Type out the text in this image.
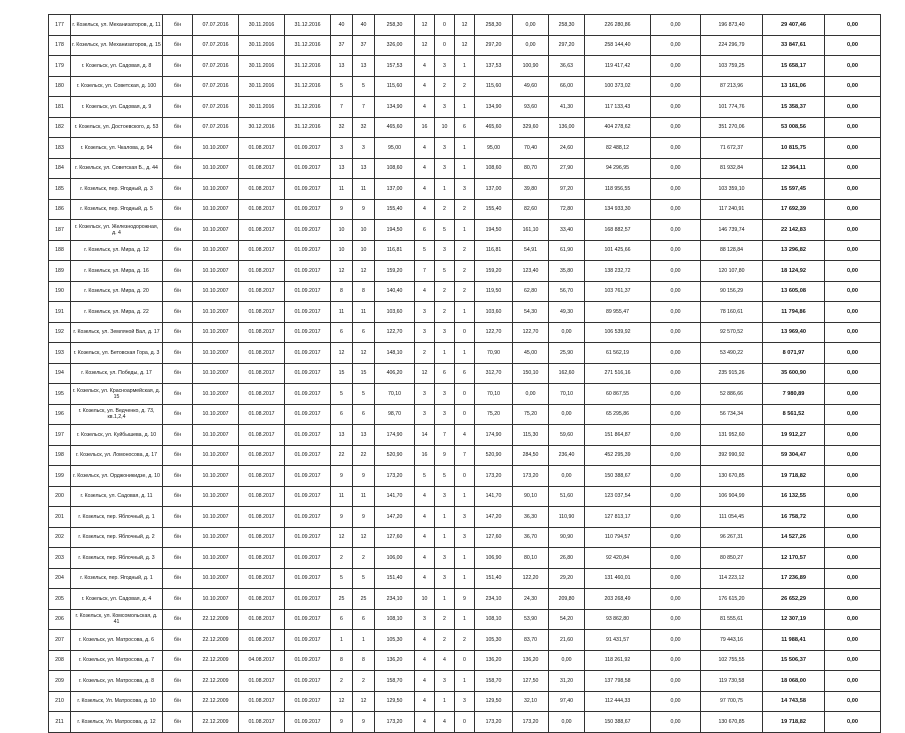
177	г. Козельск, ул. Механизаторов, д. 11	б/н	07.07.2016	30.11.2016	31.12.2016	40	40	258,30	12	0	12	258,30	0,00	258,30	226 280,86	0,00	196 873,40	29 407,46	0,00
178	г. Козельск, ул. Механизаторов, д. 15	б/н	07.07.2016	30.11.2016	31.12.2016	37	37	326,00	12	0	12	297,20	0,00	297,20	258 144,40	0,00	224 296,79	33 847,61	0,00
179	г. Козельск, ул. Садовая, д. 8	б/н	07.07.2016	30.11.2016	31.12.2016	13	13	157,53	4	3	1	137,53	100,90	36,63	119 417,42	0,00	103 759,25	15 658,17	0,00
180	г. Козельск, ул. Советская, д. 100	б/н	07.07.2016	30.11.2016	31.12.2016	5	5	115,60	4	2	2	115,60	49,60	66,00	100 373,02	0,00	87 213,96	13 161,06	0,00
181	г. Козельск, ул. Садовая, д. 9	б/н	07.07.2016	30.11.2016	31.12.2016	7	7	134,90	4	3	1	134,90	93,60	41,30	117 133,43	0,00	101 774,76	15 358,37	0,00
182	г. Козельск, ул. Достоевского, д. 53	б/н	07.07.2016	30.12.2016	31.12.2016	32	32	465,60	16	10	6	465,60	329,60	136,00	404 278,62	0,00	351 270,06	53 008,56	0,00
183	г. Козельск, ул. Чкалова, д. 94	б/н	10.10.2007	01.08.2017	01.09.2017	3	3	95,00	4	3	1	95,00	70,40	24,60	82 488,12	0,00	71 672,37	10 815,75	0,00
184	г. Козельск, ул. Советская Б., д. 44	б/н	10.10.2007	01.08.2017	01.09.2017	13	13	108,60	4	3	1	108,60	80,70	27,90	94 296,95	0,00	81 932,84	12 364,11	0,00
185	г. Козельск, пер. Ягодный, д. 3	б/н	10.10.2007	01.08.2017	01.09.2017	11	11	137,00	4	1	3	137,00	39,80	97,20	118 956,55	0,00	103 359,10	15 597,45	0,00
186	г. Козельск, пер. Ягодный, д. 5	б/н	10.10.2007	01.08.2017	01.09.2017	9	9	155,40	4	2	2	155,40	82,60	72,80	134 933,30	0,00	117 240,91	17 692,39	0,00
187	г. Козельск, ул. Железнодорожная, д. 4	б/н	10.10.2007	01.08.2017	01.09.2017	10	10	194,50	6	5	1	194,50	161,10	33,40	168 882,57	0,00	146 739,74	22 142,83	0,00
188	г. Козельск, ул. Мира, д. 12	б/н	10.10.2007	01.08.2017	01.09.2017	10	10	116,81	5	3	2	116,81	54,91	61,90	101 425,66	0,00	88 128,84	13 296,82	0,00
189	г. Козельск, ул. Мира, д. 16	б/н	10.10.2007	01.08.2017	01.09.2017	12	12	159,20	7	5	2	159,20	123,40	35,80	138 232,72	0,00	120 107,80	18 124,92	0,00
190	г. Козельск, ул. Мира, д. 20	б/н	10.10.2007	01.08.2017	01.09.2017	8	8	140,40	4	2	2	119,50	62,80	56,70	103 761,37	0,00	90 156,29	13 605,08	0,00
191	г. Козельск, ул. Мира, д. 22	б/н	10.10.2007	01.08.2017	01.09.2017	11	11	103,60	3	2	1	103,60	54,30	49,30	89 955,47	0,00	78 160,61	11 794,86	0,00
192	г. Козельск, ул. Земляной Вал, д. 17	б/н	10.10.2007	01.08.2017	01.09.2017	6	6	122,70	3	3	0	122,70	122,70	0,00	106 539,92	0,00	92 570,52	13 969,40	0,00
193	г. Козельск, ул. Бетовская Гора, д. 3	б/н	10.10.2007	01.08.2017	01.09.2017	12	12	148,10	2	1	1	70,90	45,00	25,90	61 562,19	0,00	53 490,22	8 071,97	0,00
194	г. Козельск, ул. Победы, д. 17	б/н	10.10.2007	01.08.2017	01.09.2017	15	15	406,20	12	6	6	312,70	150,10	162,60	271 516,16	0,00	235 915,26	35 600,90	0,00
195	г. Козельск, ул. Красноармейская, д. 15	б/н	10.10.2007	01.08.2017	01.09.2017	5	5	70,10	3	3	0	70,10	0,00	70,10	60 867,55	0,00	52 886,66	7 980,89	0,00
196	г. Козельск, ул. Ведченко, д. 73, кв.1,2,4	б/н	10.10.2007	01.08.2017	01.09.2017	6	6	98,70	3	3	0	75,20	75,20	0,00	65 295,86	0,00	56 734,34	8 561,52	0,00
197	г. Козельск, ул. Куйбышева, д. 10	б/н	10.10.2007	01.08.2017	01.09.2017	13	13	174,90	14	7	4	174,90	115,30	59,60	151 864,87	0,00	131 952,60	19 912,27	0,00
198	г. Козельск, ул. Ломоносова, д. 17	б/н	10.10.2007	01.08.2017	01.09.2017	22	22	520,90	16	9	7	520,90	284,50	236,40	452 295,39	0,00	392 990,92	59 304,47	0,00
199	г. Козельск, ул. Орджоникидзе, д. 10	б/н	10.10.2007	01.08.2017	01.09.2017	9	9	173,20	5	5	0	173,20	173,20	0,00	150 388,67	0,00	130 670,85	19 718,82	0,00
200	г. Козельск, ул. Садовая, д. 11	б/н	10.10.2007	01.08.2017	01.09.2017	11	11	141,70	4	3	1	141,70	90,10	51,60	123 037,54	0,00	106 904,99	16 132,55	0,00
201	г. Козельск, пер. Яблочный, д. 1	б/н	10.10.2007	01.08.2017	01.09.2017	9	9	147,20	4	1	3	147,20	36,30	110,90	127 813,17	0,00	111 054,45	16 758,72	0,00
202	г. Козельск, пер. Яблочный, д. 2	б/н	10.10.2007	01.08.2017	01.09.2017	12	12	127,60	4	1	3	127,60	36,70	90,90	110 794,57	0,00	96 267,31	14 527,26	0,00
203	г. Козельск, пер. Яблочный, д. 3	б/н	10.10.2007	01.08.2017	01.09.2017	2	2	106,00	4	3	1	106,90	80,10	26,80	92 420,84	0,00	80 850,27	12 170,57	0,00
204	г. Козельск, пер. Ягодный, д. 1	б/н	10.10.2007	01.08.2017	01.09.2017	5	5	151,40	4	3	1	151,40	122,20	29,20	131 460,01	0,00	114 223,12	17 236,89	0,00
205	г. Козельск, ул. Садовая, д. 4	б/н	10.10.2007	01.08.2017	01.09.2017	25	25	234,10	10	1	9	234,10	24,30	209,80	203 268,49	0,00	176 615,20	26 652,29	0,00
206	г. Козельск, ул. Комсомольская, д. 41	б/н	22.12.2009	01.08.2017	01.09.2017	6	6	108,10	3	2	1	108,10	53,90	54,20	93 862,80	0,00	81 555,61	12 307,19	0,00
207	г. Козельск, ул. Матросова, д. 6	б/н	22.12.2009	01.08.2017	01.09.2017	1	1	105,30	4	2	2	105,30	83,70	21,60	91 431,57	0,00	79 443,16	11 988,41	0,00
208	г. Козельск, ул. Матросова, д. 7	б/н	22.12.2009	04.08.2017	01.09.2017	8	8	136,20	4	4	0	136,20	136,20	0,00	118 261,92	0,00	102 755,55	15 506,37	0,00
209	г. Козельск, ул. Матросова, д. 8	б/н	22.12.2009	01.08.2017	01.09.2017	2	2	158,70	4	3	1	158,70	127,50	31,20	137 798,58	0,00	119 730,58	18 068,00	0,00
210	г. Козельск, Ул. Матросова, д. 10	б/н	22.12.2009	01.08.2017	01.09.2017	12	12	129,50	4	1	3	129,50	32,10	97,40	112 444,33	0,00	97 700,75	14 743,58	0,00
211	г. Козельск, Ул. Матросова, д. 12	б/н	22.12.2009	01.08.2017	01.09.2017	9	9	173,20	4	4	0	173,20	173,20	0,00	150 388,67	0,00	130 670,85	19 718,82	0,00
